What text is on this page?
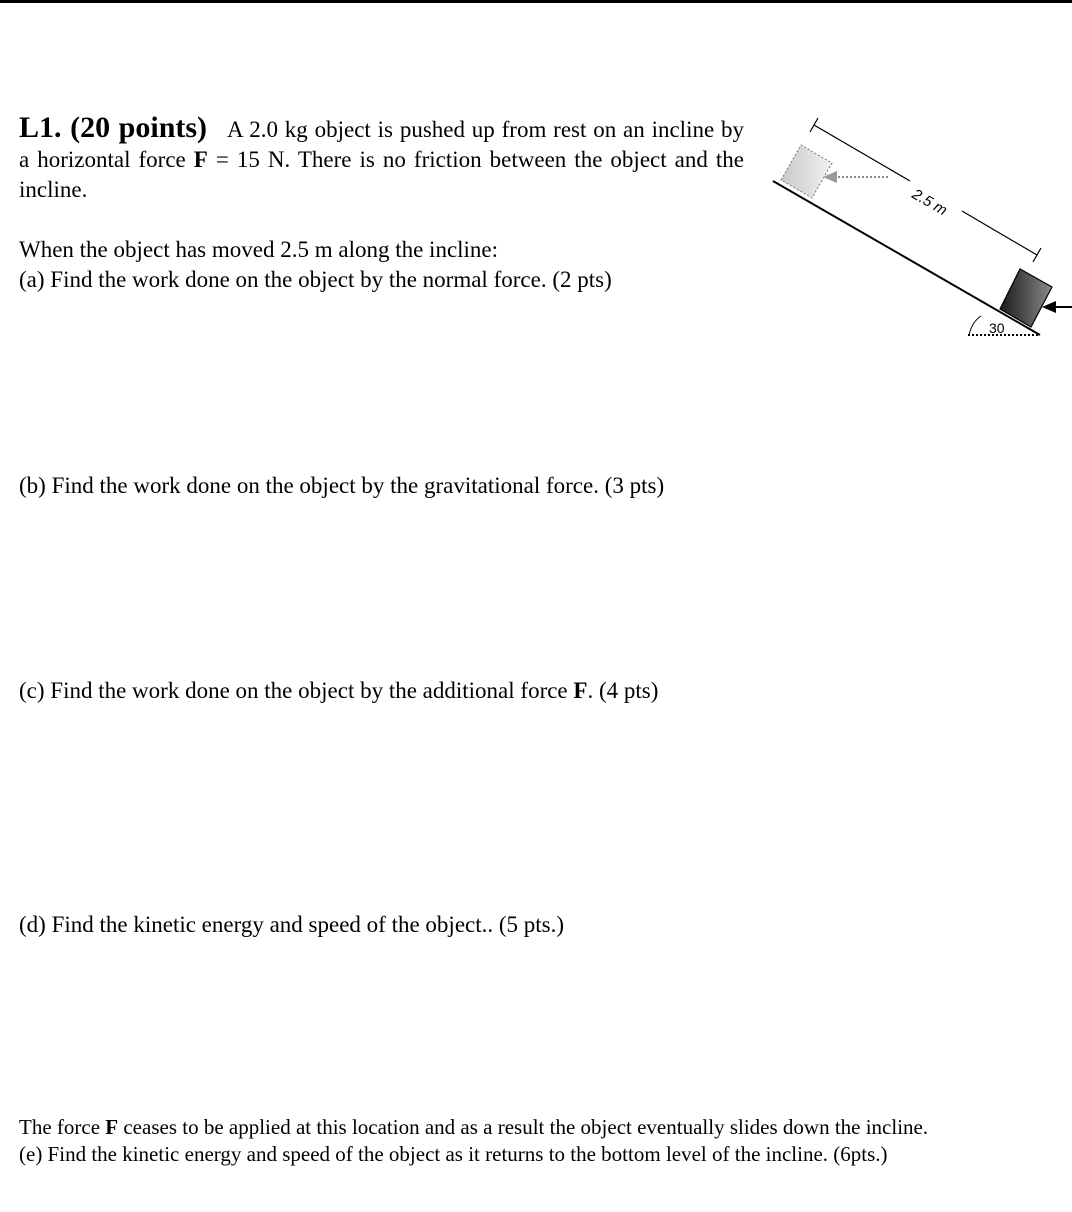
L1. (20 points) A 2.0 kg object is pushed up from rest on an incline by a horizontal force F = 15 N. There is no friction between the object and the incline.
When the object has moved 2.5 m along the incline:
(a) Find the work done on the object by the normal force. (2 pts)
(b) Find the work done on the object by the gravitational force. (3 pts)
(c) Find the work done on the object by the additional force F. (4 pts)
(d) Find the kinetic energy and speed of the object.. (5 pts.)
The force F ceases to be applied at this location and as a result the object eventually slides down the incline.
(e) Find the kinetic energy and speed of the object as it returns to the bottom level of the incline. (6pts.)
30
2.5 m
